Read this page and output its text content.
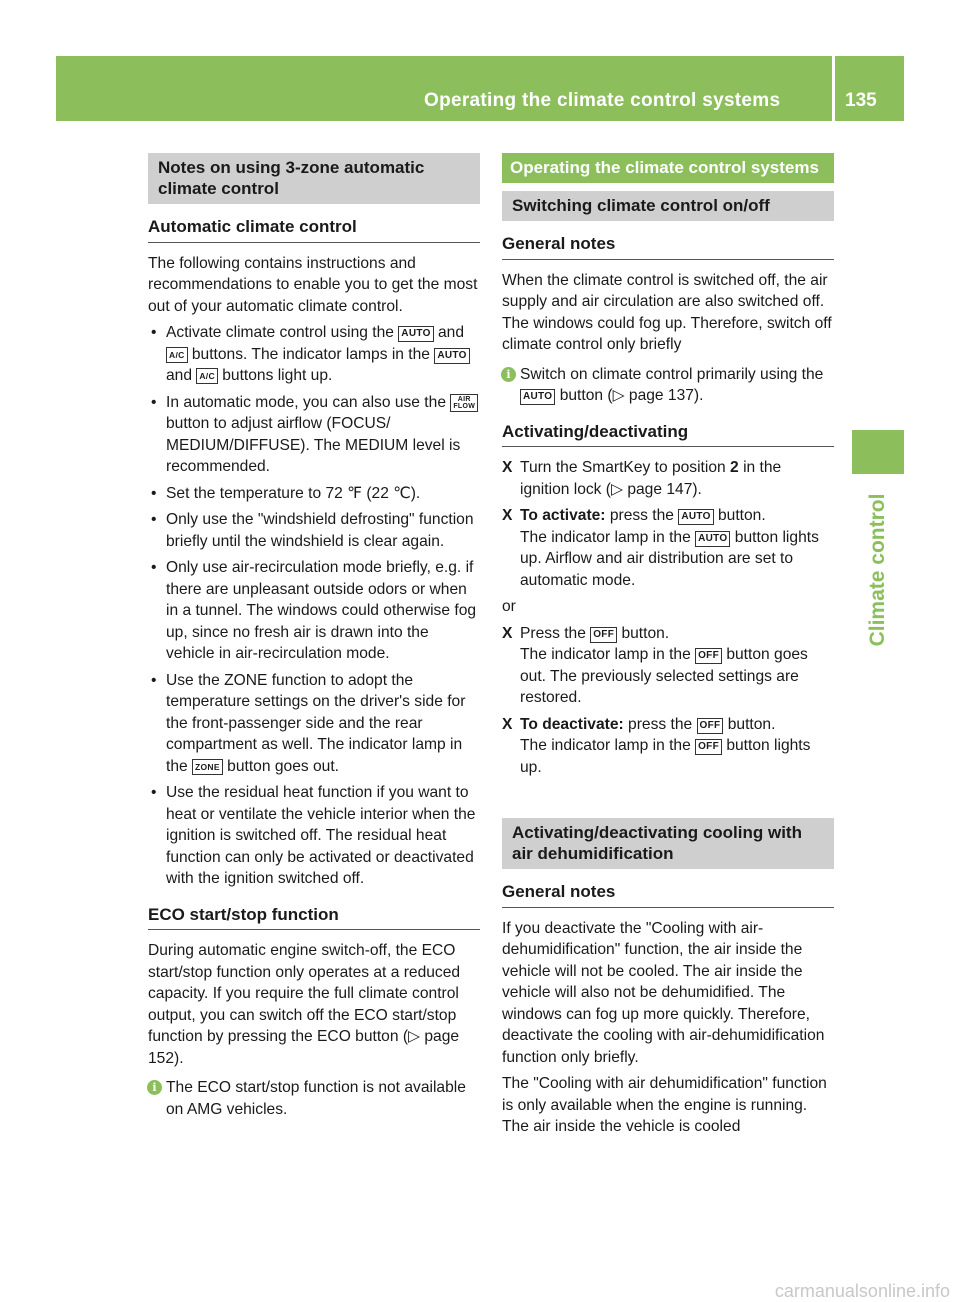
Operating the climate control systems	135
Climate control
Notes on using 3-zone automatic climate control
Automatic climate control

The following contains instructions and recommendations to enable you to get the most out of your automatic climate control.

• Activate climate control using the AUTO and A/C buttons. The indicator lamps in the AUTO and A/C buttons light up.
• In automatic mode, you can also use the AIR
FLOW button to adjust airflow (FOCUS/ MEDIUM/DIFFUSE). The MEDIUM level is recommended.
• Set the temperature to 72 ‌℉ (22 ‌℃).
• Only use the "windshield defrosting" function briefly until the windshield is clear again.
• Only use air-recirculation mode briefly, e.g. if there are unpleasant outside odors or when in a tunnel. The windows could otherwise fog up, since no fresh air is drawn into the vehicle in air-recirculation mode.
• Use the ZONE function to adopt the temperature settings on the driver's side for the front-passenger side and the rear compartment as well. The indicator lamp in the ZONE button goes out.
• Use the residual heat function if you want to heat or ventilate the vehicle interior when the ignition is switched off. The residual heat function can only be activated or deactivated with the ignition switched off.
ECO start/stop function

During automatic engine switch-off, the ECO start/stop function only operates at a reduced capacity. If you require the full climate control output, you can switch off the ECO start/stop function by pressing the ECO button (▷ page 152).

i The ECO start/stop function is not available on AMG vehicles.
Operating the climate control systems
Switching climate control on/off
General notes

When the climate control is switched off, the air supply and air circulation are also switched off. The windows could fog up. Therefore, switch off climate control only briefly

i Switch on climate control primarily using the AUTO button (▷ page 137).
Activating/deactivating
X Turn the SmartKey to position 2 in the ignition lock (▷ page 147).
X To activate: press the AUTO button.
The indicator lamp in the AUTO button lights up. Airflow and air distribution are set to automatic mode.

or

X Press the OFF button.
The indicator lamp in the OFF button goes out. The previously selected settings are restored.
X To deactivate: press the OFF button.
The indicator lamp in the OFF button lights up.
Activating/deactivating cooling with air dehumidification
General notes

If you deactivate the "Cooling with air-dehumidification" function, the air inside the vehicle will not be cooled. The air inside the vehicle will also not be dehumidified. The windows can fog up more quickly. Therefore, deactivate the cooling with air-dehumidification function only briefly.

The "Cooling with air dehumidification" function is only available when the engine is running. The air inside the vehicle is cooled

carmanualsonline.info
